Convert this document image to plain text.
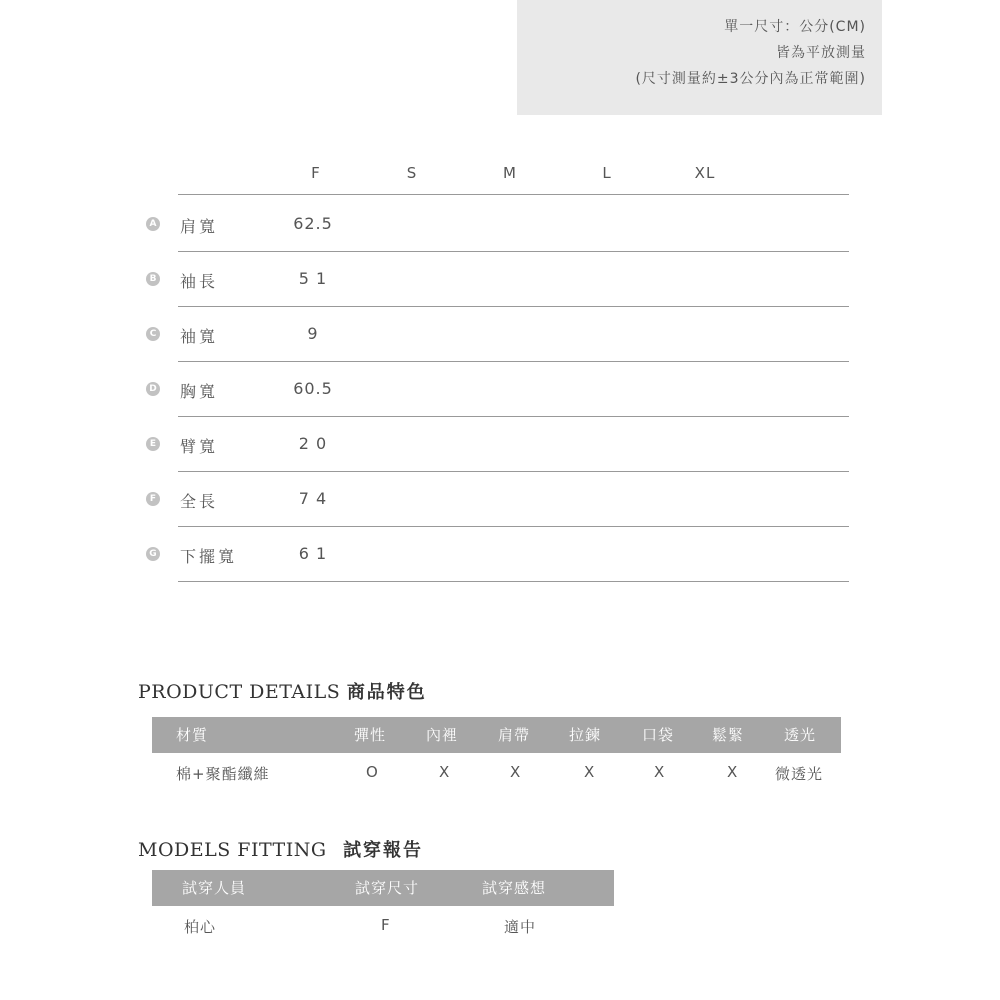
單一尺寸：公分(CM)
皆為平放測量
(尺寸測量約±3公分內為正常範圍)
F	S	M	L	XL
A 肩寬	62.5
B 袖長	5 1
C 袖寬	9
D 胸寬	60.5
E 臂寬	2 0
F 全長	7 4
G 下擺寬	6 1
PRODUCT DETAILS 商品特色
材質	彈性	內裡	肩帶	拉鍊	口袋	鬆緊	透光
棉+聚酯纖維	O	X	X	X	X	X 微透光
MODELS FITTING 試穿報告
試穿人員	試穿尺寸	試穿感想
柏心	F	適中
